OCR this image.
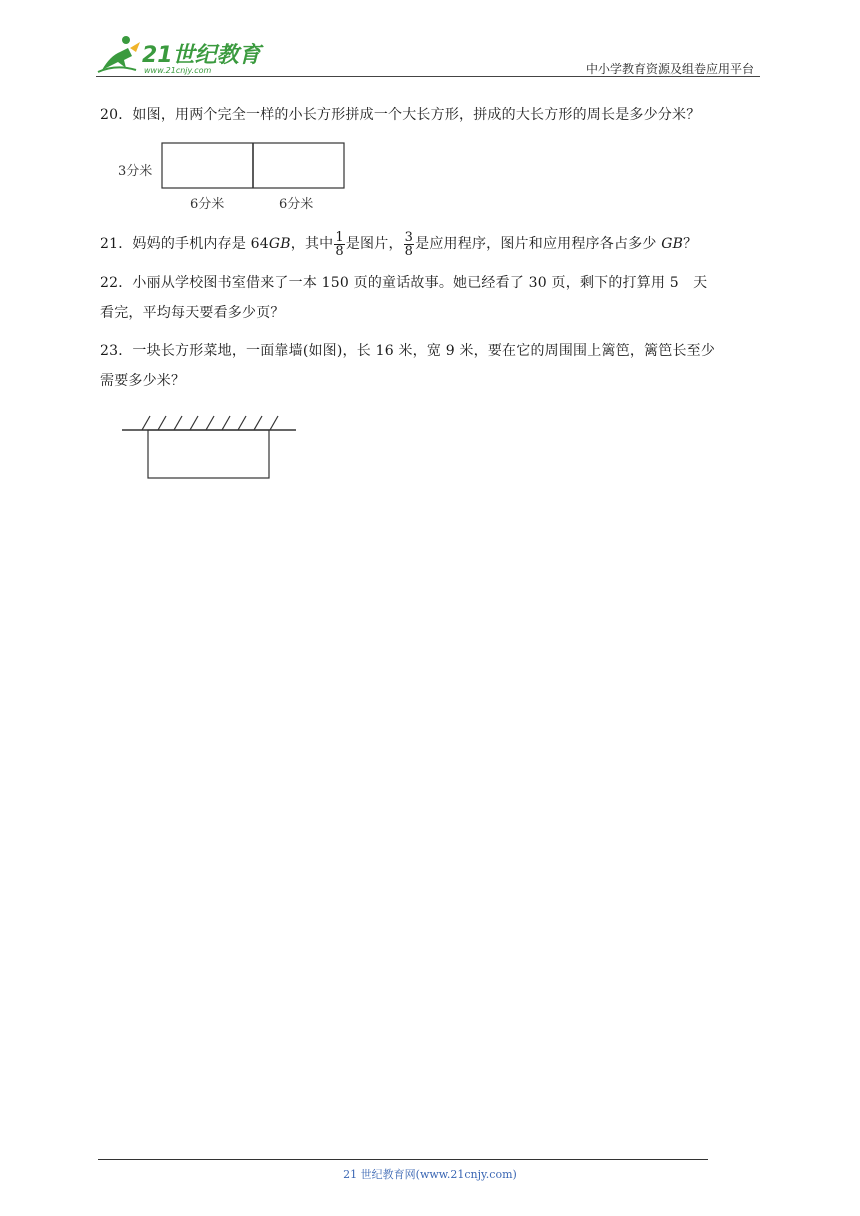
21世纪教育
www.21cnjy.com	中小学教育资源及组卷应用平台
20．如图，用两个完全一样的小长方形拼成一个大长方形，拼成的大长方形的周长是多少分米？
3分米
6分米	6分米
21．妈妈的手机内存是 64GB，其中 $\frac{1}{8}$ 是图片， $\frac{3}{8}$ 是应用程序，图片和应用程序各占多少 GB？
22．小丽从学校图书室借来了一本 150 页的童话故事。她已经看了 30 页，剩下的打算用 5　天
看完，平均每天要看多少页？
23．一块长方形菜地，一面靠墙(如图)，长 16 米，宽 9 米，要在它的周围围上篱笆，篱笆长至少
需要多少米？
21 世纪教育网(www.21cnjy.com)
